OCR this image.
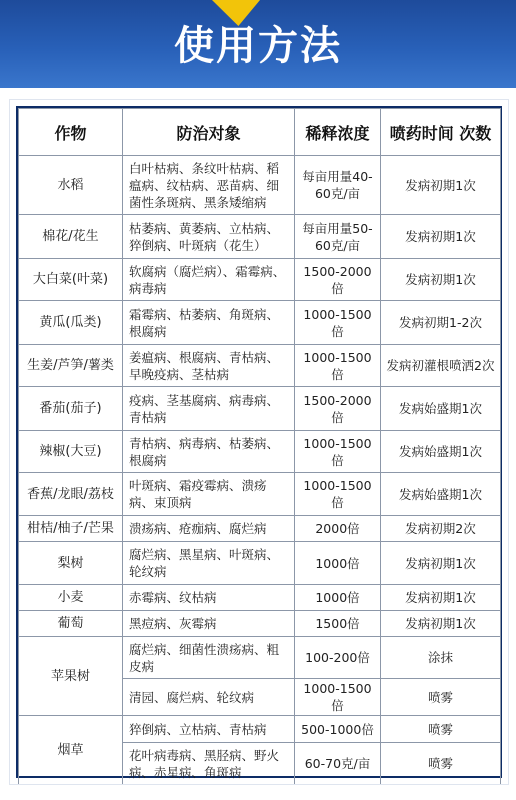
使用方法
作物	防治对象	稀释浓度	喷药时间 次数
水稻	白叶枯病、条纹叶枯病、稻瘟病、纹枯病、恶苗病、细菌性条斑病、黑条矮缩病	每亩用量40-60克/亩	发病初期1次
棉花/花生	枯萎病、黄萎病、立枯病、猝倒病、叶斑病（花生）	每亩用量50-60克/亩	发病初期1次
大白菜(叶菜)	软腐病（腐烂病）、霜霉病、病毒病	1500-2000倍	发病初期1次
黄瓜(瓜类)	霜霉病、枯萎病、角斑病、根腐病	1000-1500倍	发病初期1-2次
生姜/芦笋/薯类	姜瘟病、根腐病、青枯病、早晚疫病、茎枯病	1000-1500倍	发病初灌根喷洒2次
番茄(茄子)	疫病、茎基腐病、病毒病、青枯病	1500-2000倍	发病始盛期1次
辣椒(大豆)	青枯病、病毒病、枯萎病、根腐病	1000-1500倍	发病始盛期1次
香蕉/龙眼/荔枝	叶斑病、霜疫霉病、溃疡病、束顶病	1000-1500倍	发病始盛期1次
柑桔/柚子/芒果	溃疡病、疮痂病、腐烂病	2000倍	发病初期2次
梨树	腐烂病、黑星病、叶斑病、轮纹病	1000倍	发病初期1次
小麦	赤霉病、纹枯病	1000倍	发病初期1次
葡萄	黑痘病、灰霉病	1500倍	发病初期1次
苹果树	腐烂病、细菌性溃疡病、粗皮病	100-200倍	涂抹
	清园、腐烂病、轮纹病	1000-1500倍	喷雾
烟草	猝倒病、立枯病、青枯病	500-1000倍	喷雾
	花叶病毒病、黑胫病、野火病、赤星病、角斑病	60-70克/亩	喷雾
